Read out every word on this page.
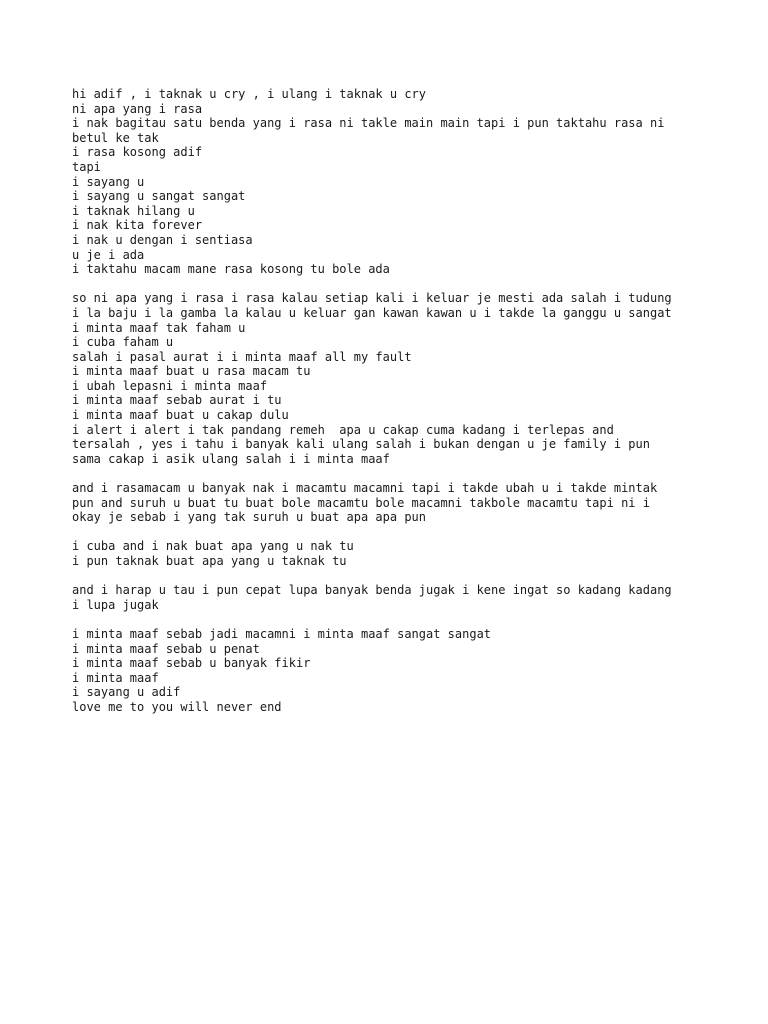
hi adif , i taknak u cry , i ulang i taknak u cry
ni apa yang i rasa
i nak bagitau satu benda yang i rasa ni takle main main tapi i pun taktahu rasa ni
betul ke tak
i rasa kosong adif
tapi
i sayang u
i sayang u sangat sangat
i taknak hilang u
i nak kita forever
i nak u dengan i sentiasa
u je i ada
i taktahu macam mane rasa kosong tu bole ada
so ni apa yang i rasa i rasa kalau setiap kali i keluar je mesti ada salah i tudung
i la baju i la gamba la kalau u keluar gan kawan kawan u i takde la ganggu u sangat
i minta maaf tak faham u
i cuba faham u
salah i pasal aurat i i minta maaf all my fault
i minta maaf buat u rasa macam tu
i ubah lepasni i minta maaf
i minta maaf sebab aurat i tu
i minta maaf buat u cakap dulu
i alert i alert i tak pandang remeh  apa u cakap cuma kadang i terlepas and
tersalah , yes i tahu i banyak kali ulang salah i bukan dengan u je family i pun
sama cakap i asik ulang salah i i minta maaf
and i rasamacam u banyak nak i macamtu macamni tapi i takde ubah u i takde mintak
pun and suruh u buat tu buat bole macamtu bole macamni takbole macamtu tapi ni i
okay je sebab i yang tak suruh u buat apa apa pun
i cuba and i nak buat apa yang u nak tu
i pun taknak buat apa yang u taknak tu
and i harap u tau i pun cepat lupa banyak benda jugak i kene ingat so kadang kadang
i lupa jugak
i minta maaf sebab jadi macamni i minta maaf sangat sangat
i minta maaf sebab u penat
i minta maaf sebab u banyak fikir
i minta maaf
i sayang u adif
love me to you will never end
